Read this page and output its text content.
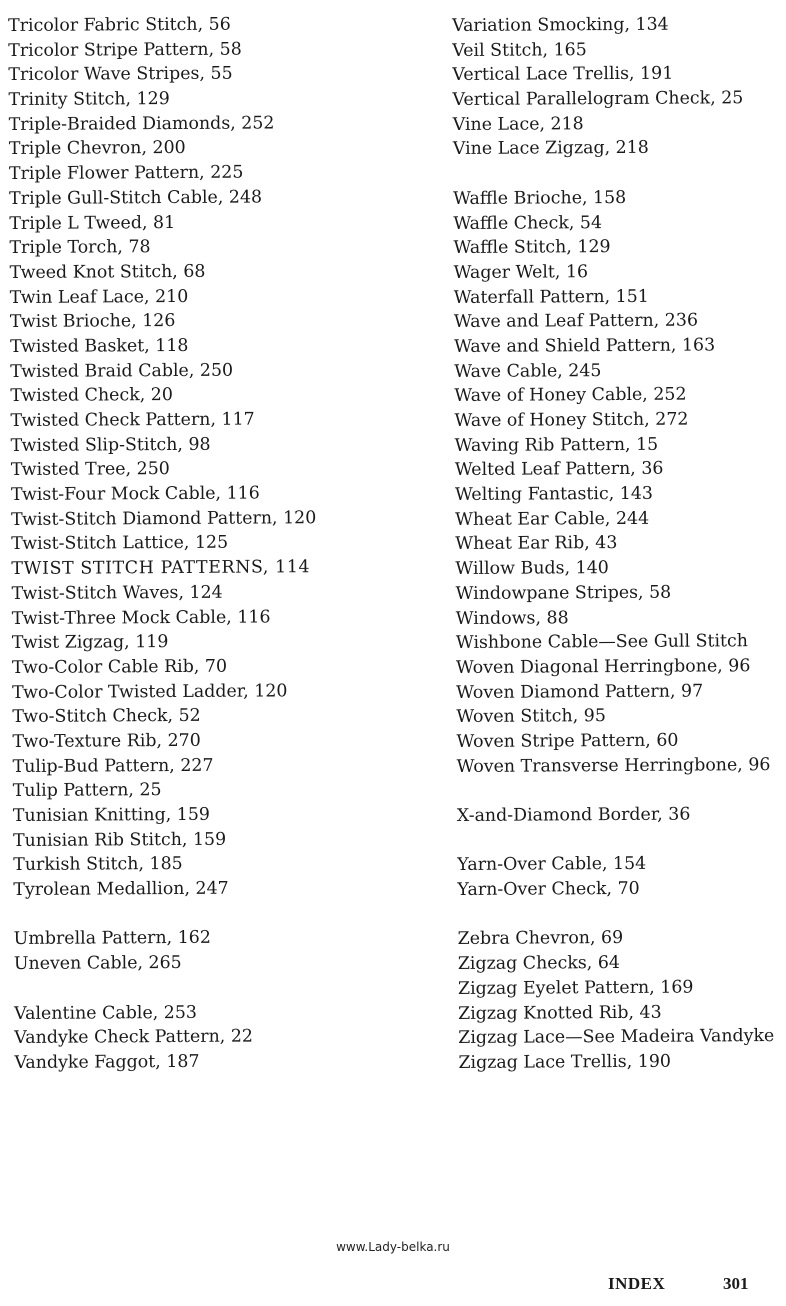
Tricolor Fabric Stitch, 56
Tricolor Stripe Pattern, 58
Tricolor Wave Stripes, 55
Trinity Stitch, 129
Triple-Braided Diamonds, 252
Triple Chevron, 200
Triple Flower Pattern, 225
Triple Gull-Stitch Cable, 248
Triple L Tweed, 81
Triple Torch, 78
Tweed Knot Stitch, 68
Twin Leaf Lace, 210
Twist Brioche, 126
Twisted Basket, 118
Twisted Braid Cable, 250
Twisted Check, 20
Twisted Check Pattern, 117
Twisted Slip-Stitch, 98
Twisted Tree, 250
Twist-Four Mock Cable, 116
Twist-Stitch Diamond Pattern, 120
Twist-Stitch Lattice, 125
TWIST STITCH PATTERNS, 114
Twist-Stitch Waves, 124
Twist-Three Mock Cable, 116
Twist Zigzag, 119
Two-Color Cable Rib, 70
Two-Color Twisted Ladder, 120
Two-Stitch Check, 52
Two-Texture Rib, 270
Tulip-Bud Pattern, 227
Tulip Pattern, 25
Tunisian Knitting, 159
Tunisian Rib Stitch, 159
Turkish Stitch, 185
Tyrolean Medallion, 247
Umbrella Pattern, 162
Uneven Cable, 265
Valentine Cable, 253
Vandyke Check Pattern, 22
Vandyke Faggot, 187
Variation Smocking, 134
Veil Stitch, 165
Vertical Lace Trellis, 191
Vertical Parallelogram Check, 25
Vine Lace, 218
Vine Lace Zigzag, 218
Waffle Brioche, 158
Waffle Check, 54
Waffle Stitch, 129
Wager Welt, 16
Waterfall Pattern, 151
Wave and Leaf Pattern, 236
Wave and Shield Pattern, 163
Wave Cable, 245
Wave of Honey Cable, 252
Wave of Honey Stitch, 272
Waving Rib Pattern, 15
Welted Leaf Pattern, 36
Welting Fantastic, 143
Wheat Ear Cable, 244
Wheat Ear Rib, 43
Willow Buds, 140
Windowpane Stripes, 58
Windows, 88
Wishbone Cable—See Gull Stitch
Woven Diagonal Herringbone, 96
Woven Diamond Pattern, 97
Woven Stitch, 95
Woven Stripe Pattern, 60
Woven Transverse Herringbone, 96
X-and-Diamond Border, 36
Yarn-Over Cable, 154
Yarn-Over Check, 70
Zebra Chevron, 69
Zigzag Checks, 64
Zigzag Eyelet Pattern, 169
Zigzag Knotted Rib, 43
Zigzag Lace—See Madeira Vandyke
Zigzag Lace Trellis, 190
www.Lady-belka.ru
INDEX	301
